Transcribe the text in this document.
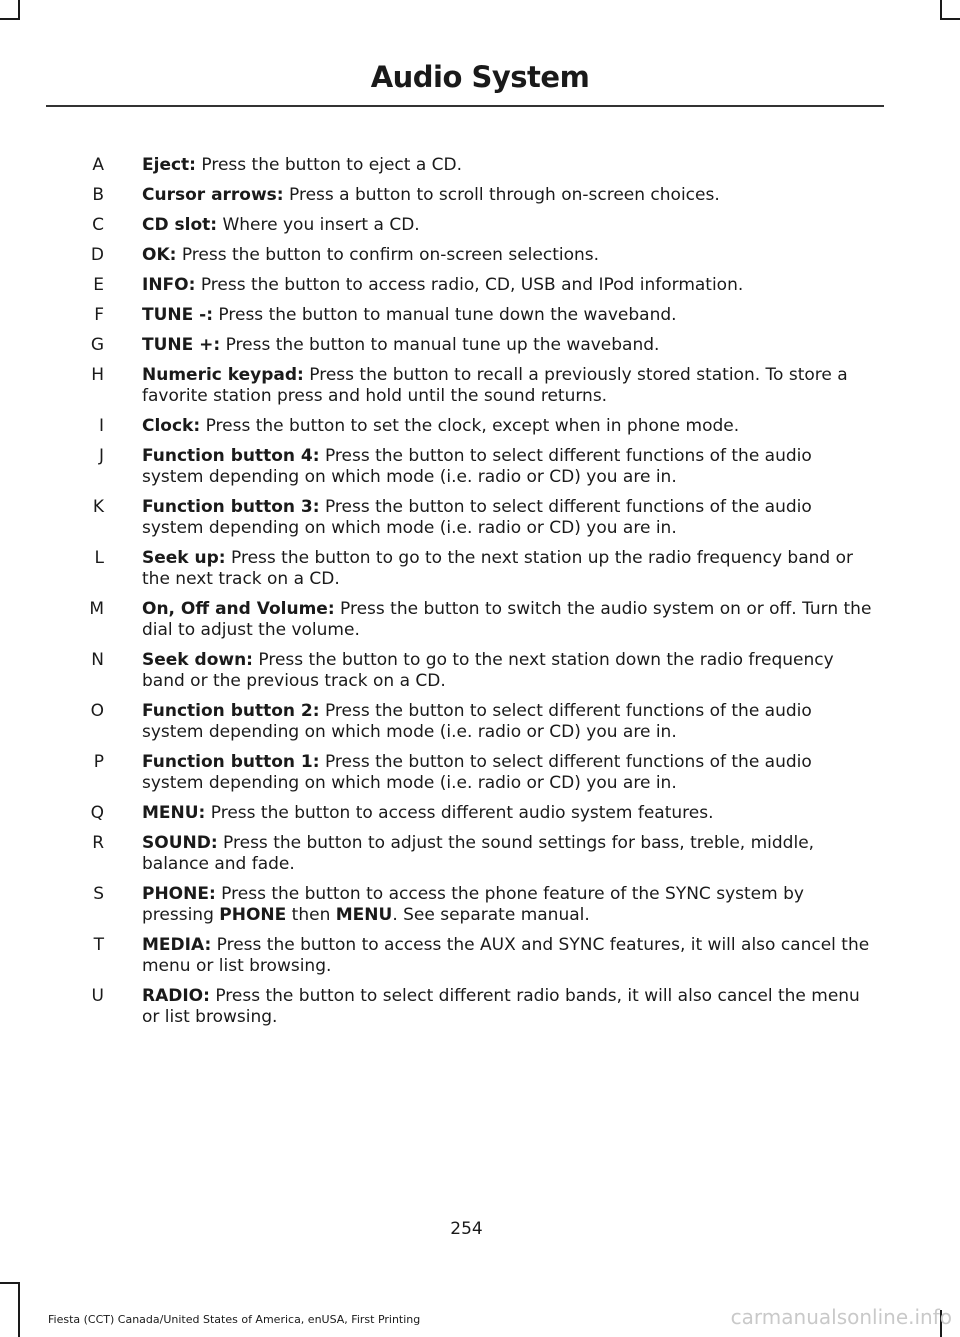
Audio System
A Eject: Press the button to eject a CD.
B Cursor arrows: Press a button to scroll through on-screen choices.
C CD slot: Where you insert a CD.
D OK: Press the button to confirm on-screen selections.
E INFO: Press the button to access radio, CD, USB and IPod information.
F TUNE -: Press the button to manual tune down the waveband.
G TUNE +: Press the button to manual tune up the waveband.
H Numeric keypad: Press the button to recall a previously stored station. To store a favorite station press and hold until the sound returns.
I Clock: Press the button to set the clock, except when in phone mode.
J Function button 4: Press the button to select different functions of the audio system depending on which mode (i.e. radio or CD) you are in.
K Function button 3: Press the button to select different functions of the audio system depending on which mode (i.e. radio or CD) you are in.
L Seek up: Press the button to go to the next station up the radio frequency band or the next track on a CD.
M On, Off and Volume: Press the button to switch the audio system on or off. Turn the dial to adjust the volume.
N Seek down: Press the button to go to the next station down the radio frequency band or the previous track on a CD.
O Function button 2: Press the button to select different functions of the audio system depending on which mode (i.e. radio or CD) you are in.
P Function button 1: Press the button to select different functions of the audio system depending on which mode (i.e. radio or CD) you are in.
Q MENU: Press the button to access different audio system features.
R SOUND: Press the button to adjust the sound settings for bass, treble, middle, balance and fade.
S PHONE: Press the button to access the phone feature of the SYNC system by pressing PHONE then MENU. See separate manual.
T MEDIA: Press the button to access the AUX and SYNC features, it will also cancel the menu or list browsing.
U RADIO: Press the button to select different radio bands, it will also cancel the menu or list browsing.
254
Fiesta (CCT) Canada/United States of America, enUSA, First Printing	carmanualsonline.info
